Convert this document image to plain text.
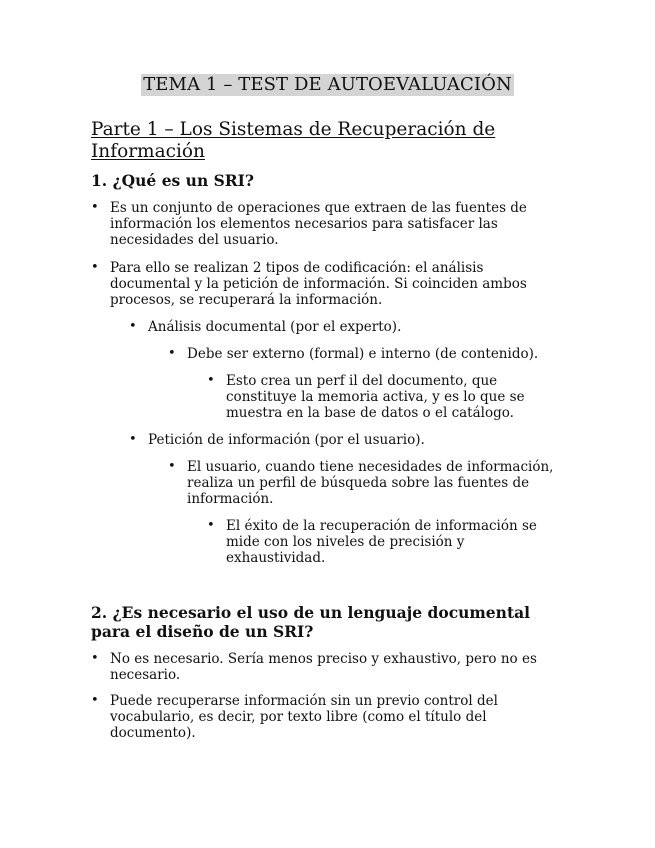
TEMA 1 – TEST DE AUTOEVALUACIÓN
Parte 1 – Los Sistemas de Recuperación de Información
1. ¿Qué es un SRI?
• Es un conjunto de operaciones que extraen de las fuentes de información los elementos necesarios para satisfacer las necesidades del usuario.
• Para ello se realizan 2 tipos de codificación: el análisis documental y la petición de información. Si coinciden ambos procesos, se recuperará la información.
• Análisis documental (por el experto).
• Debe ser externo (formal) e interno (de contenido).
• Esto crea un perf il del documento, que constituye la memoria activa, y es lo que se muestra en la base de datos o el catálogo.
• Petición de información (por el usuario).
• El usuario, cuando tiene necesidades de información, realiza un perfil de búsqueda sobre las fuentes de información.
• El éxito de la recuperación de información se mide con los niveles de precisión y exhaustividad.
2. ¿Es necesario el uso de un lenguaje documental para el diseño de un SRI?
• No es necesario. Sería menos preciso y exhaustivo, pero no es necesario.
• Puede recuperarse información sin un previo control del vocabulario, es decir, por texto libre (como el título del documento).
